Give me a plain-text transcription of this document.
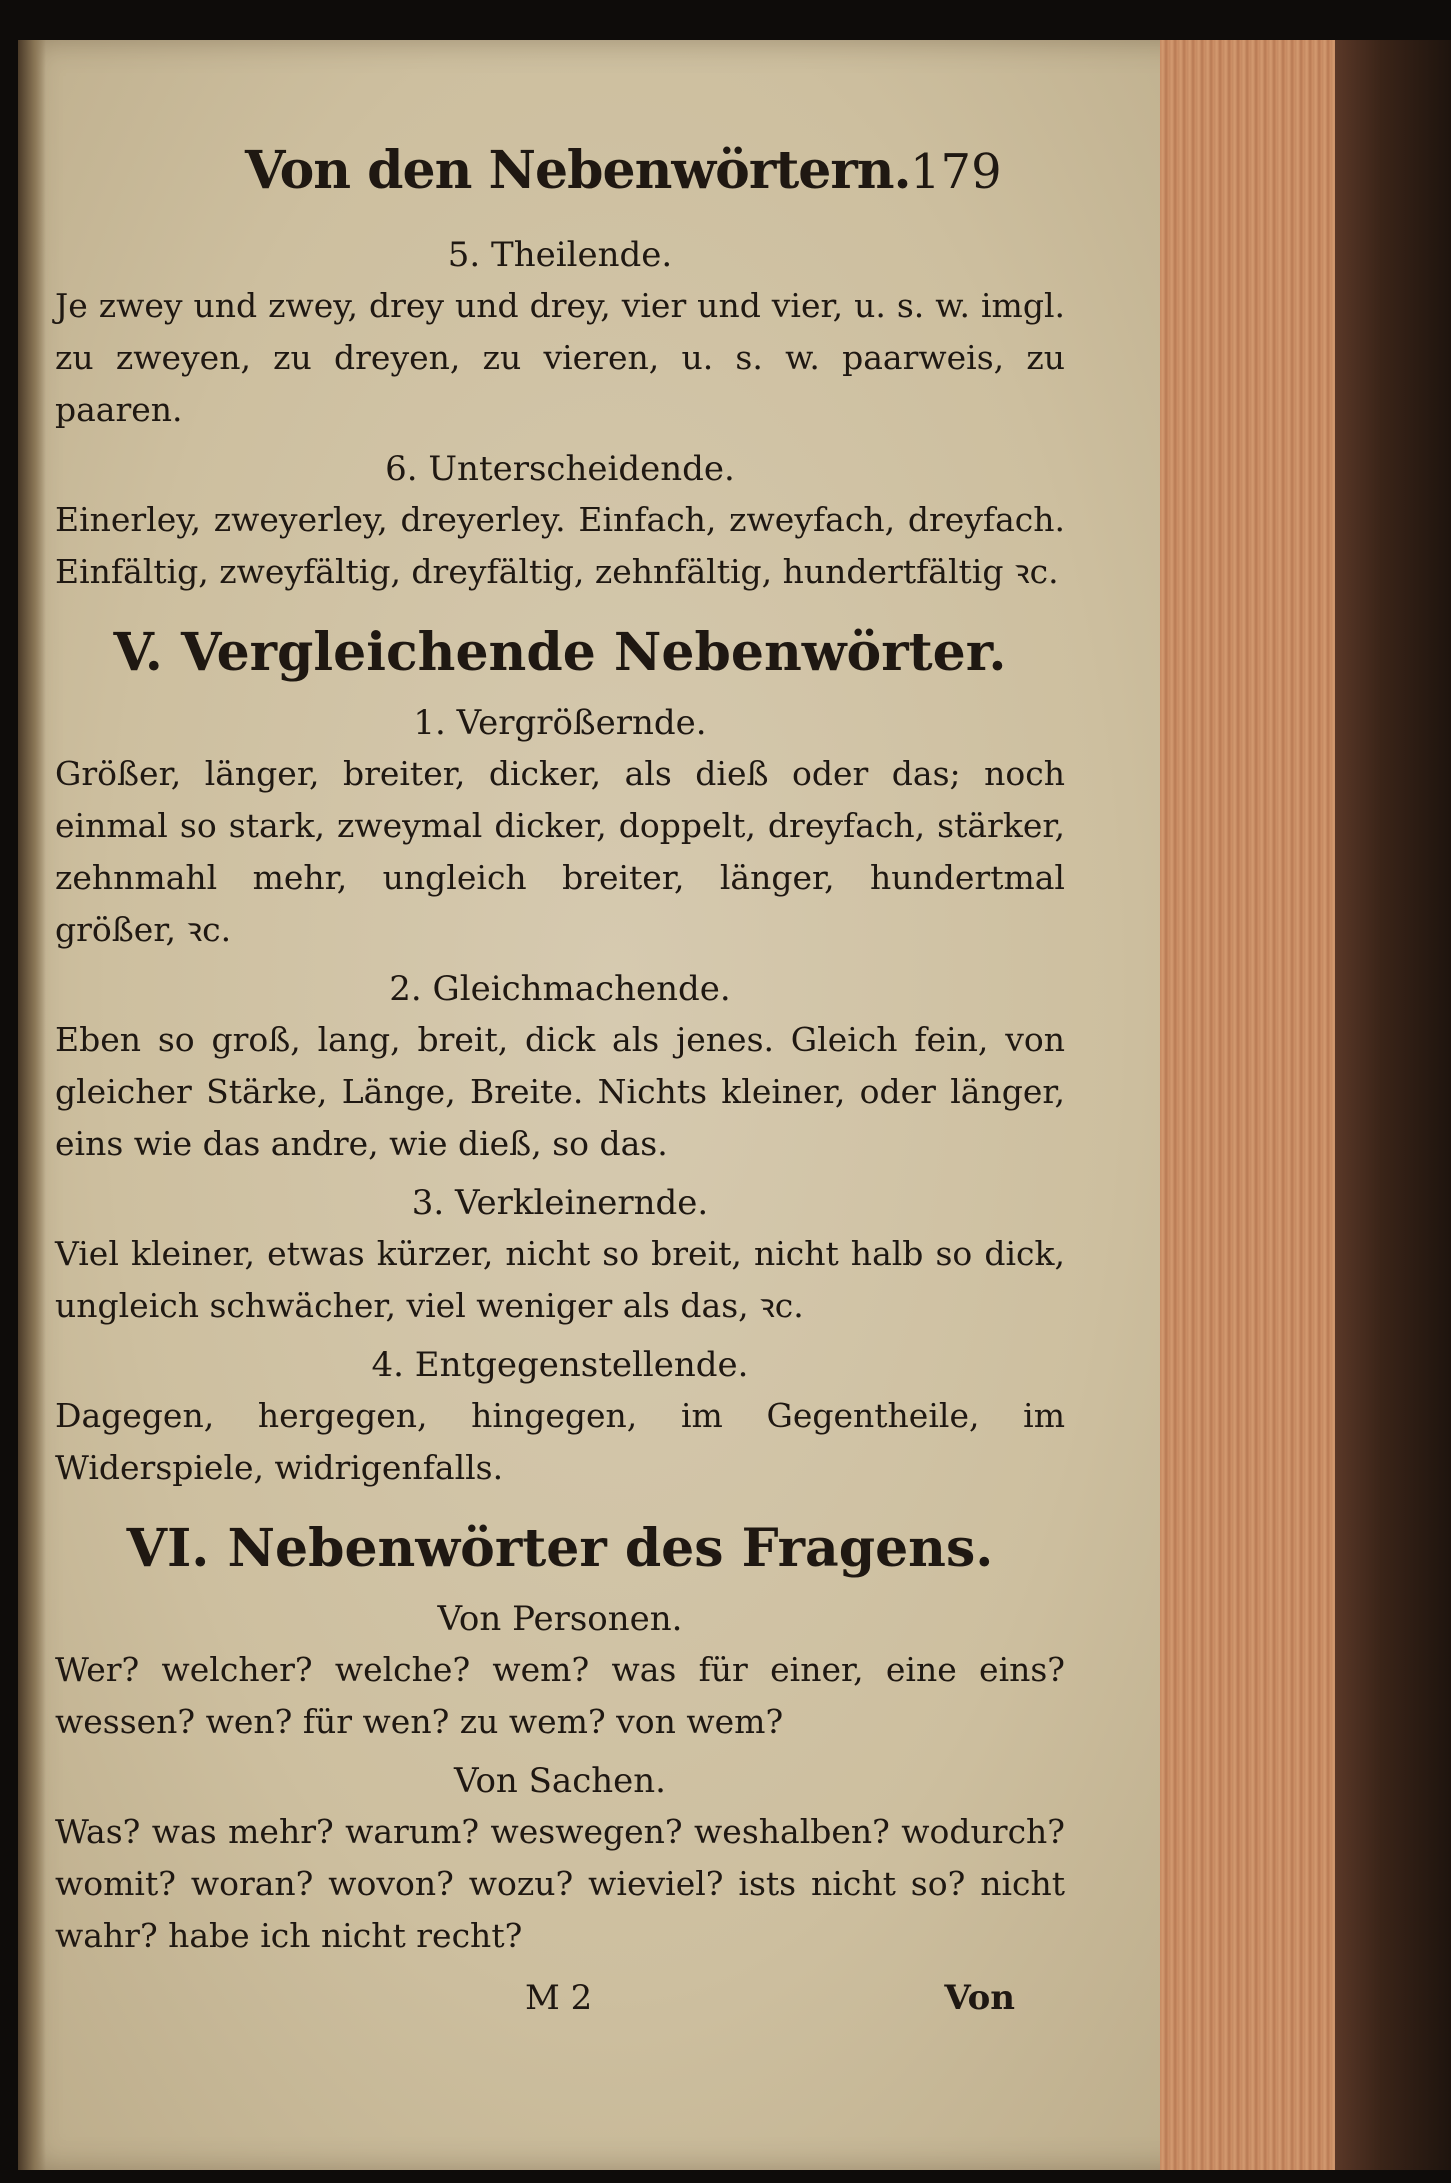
Von den Nebenwörtern. 179

5. Theilende.

Je zwey und zwey, drey und drey, vier und vier, u. s. w. imgl. zu zweyen, zu dreyen, zu vieren, u. s. w. paarweis, zu paaren.

6. Unterscheidende.

Einerley, zweyerley, dreyerley. Einfach, zweyfach, dreyfach. Einfältig, zweyfältig, dreyfältig, zehnfältig, hundertfältig ꝛc.

V. Vergleichende Nebenwörter.

1. Vergrößernde.

Größer, länger, breiter, dicker, als dieß oder das; noch einmal so stark, zweymal dicker, doppelt, dreyfach, stärker, zehnmahl mehr, ungleich breiter, länger, hundertmal größer, ꝛc.

2. Gleichmachende.

Eben so groß, lang, breit, dick als jenes. Gleich fein, von gleicher Stärke, Länge, Breite. Nichts kleiner, oder länger, eins wie das andre, wie dieß, so das.

3. Verkleinernde.

Viel kleiner, etwas kürzer, nicht so breit, nicht halb so dick, ungleich schwächer, viel weniger als das, ꝛc.

4. Entgegenstellende.

Dagegen, hergegen, hingegen, im Gegentheile, im Widerspiele, widrigenfalls.

VI. Nebenwörter des Fragens.

Von Personen.

Wer? welcher? welche? wem? was für einer, eine eins? wessen? wen? für wen? zu wem? von wem?

Von Sachen.

Was? was mehr? warum? weswegen? weshalben? wodurch? womit? woran? wovon? wozu? wieviel? ists nicht so? nicht wahr? habe ich nicht recht?

M 2	Von
